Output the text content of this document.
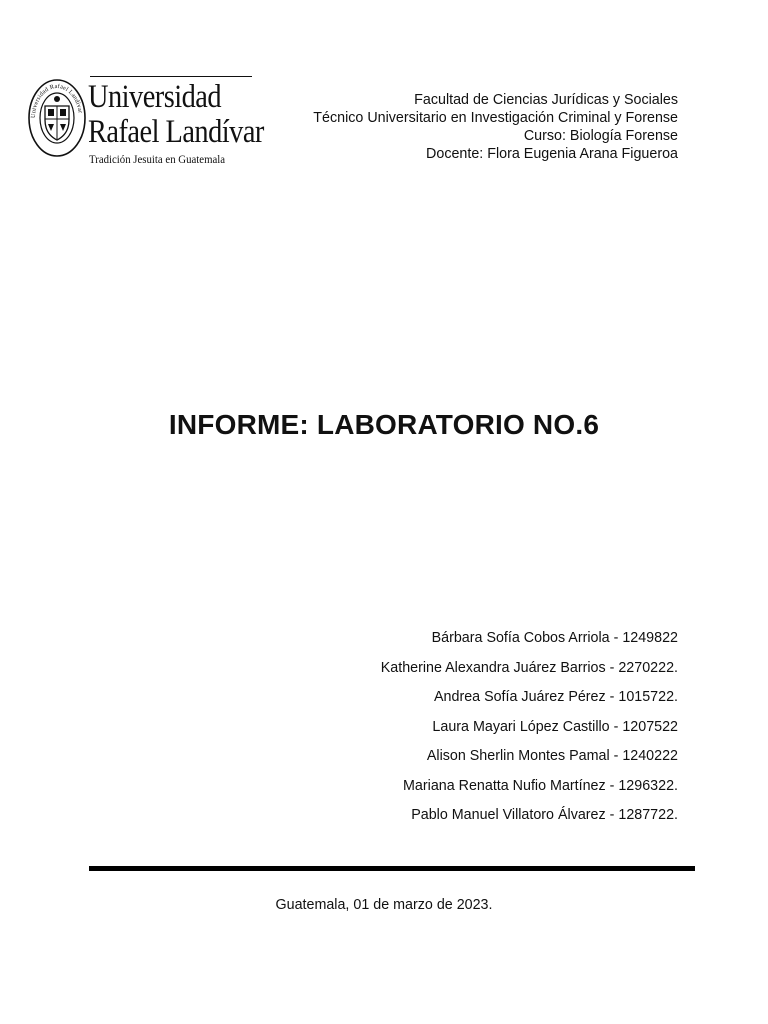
Universidad Rafael Landívar Universidad
Rafael Landívar
Tradición Jesuita en Guatemala
Facultad de Ciencias Jurídicas y Sociales
Técnico Universitario en Investigación Criminal y Forense
Curso: Biología Forense
Docente: Flora Eugenia Arana Figueroa
INFORME: LABORATORIO NO.6
Bárbara Sofía Cobos Arriola - 1249822
Katherine Alexandra Juárez Barrios - 2270222.
Andrea Sofía Juárez Pérez - 1015722.
Laura Mayari López Castillo - 1207522
Alison Sherlin Montes Pamal - 1240222
Mariana Renatta Nufio Martínez - 1296322.
Pablo Manuel Villatoro Álvarez - 1287722.
Guatemala, 01 de marzo de 2023.
